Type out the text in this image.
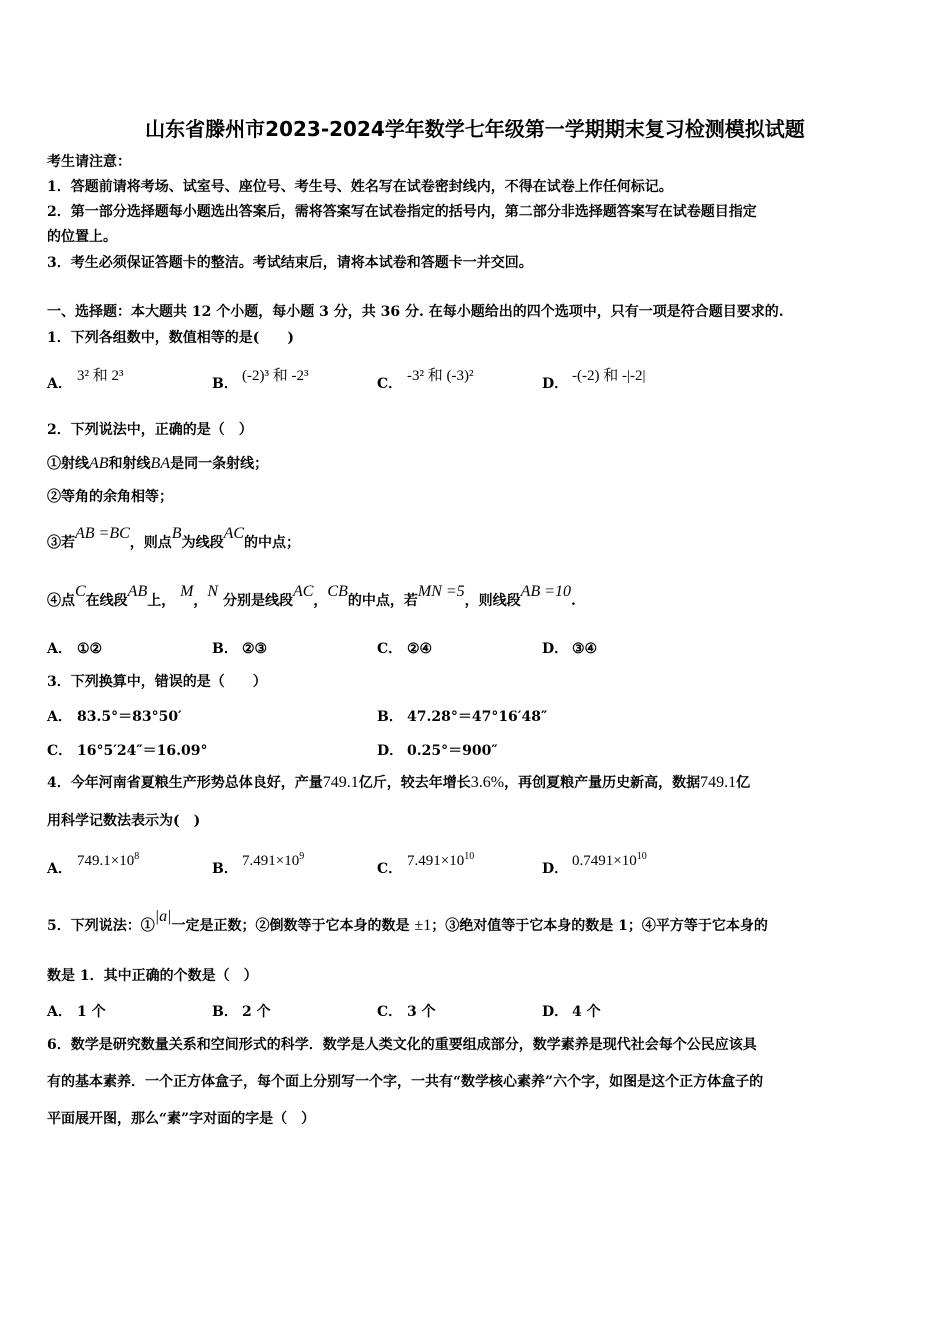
山东省滕州市2023-2024学年数学七年级第一学期期末复习检测模拟试题
考生请注意：
1．答题前请将考场、试室号、座位号、考生号、姓名写在试卷密封线内，不得在试卷上作任何标记。
2．第一部分选择题每小题选出答案后，需将答案写在试卷指定的括号内，第二部分非选择题答案写在试卷题目指定
的位置上。
3．考生必须保证答题卡的整洁。考试结束后，请将本试卷和答题卡一并交回。
一、选择题：本大题共 12 个小题，每小题 3 分，共 36 分. 在每小题给出的四个选项中，只有一项是符合题目要求的.
1．下列各组数中，数值相等的是(　　)
A． 3² 和 2³	B． (-2)³ 和 -2³	C． -3² 和 (-3)²	D． -(-2) 和 -|-2|
2．下列说法中，正确的是（　）
①射线AB和射线BA是同一条射线；
②等角的余角相等；
③若AB =BC，则点B为线段AC的中点；
④点C在线段AB上， M，N 分别是线段AC，CB的中点，若MN =5，则线段AB =10.
A． ①②	B． ②③	C． ②④	D． ③④
3．下列换算中，错误的是（　　）
A． 83.5°＝83°50′
C． 16°5′24″＝16.09°
B． 47.28°＝47°16′48″
D． 0.25°＝900″
4．今年河南省夏粮生产形势总体良好，产量749.1亿斤，较去年增长3.6%，再创夏粮产量历史新高，数据749.1亿
用科学记数法表示为(　)
A． $749.1\times 10^8$
B． $7.491\times 10^9$
C． $7.491\times 10^{10}$
D． $0.7491\times 10^{10}$
5．下列说法：①|a|一定是正数；②倒数等于它本身的数是 ±1；③绝对值等于它本身的数是 1；④平方等于它本身的
数是 1．其中正确的个数是（　）
A． 1 个	B． 2 个	C． 3 个	D． 4 个
6．数学是研究数量关系和空间形式的科学．数学是人类文化的重要组成部分，数学素养是现代社会每个公民应该具
有的基本素养．一个正方体盒子，每个面上分别写一个字，一共有“数学核心素养”六个字，如图是这个正方体盒子的
平面展开图，那么“素”字对面的字是（　）
